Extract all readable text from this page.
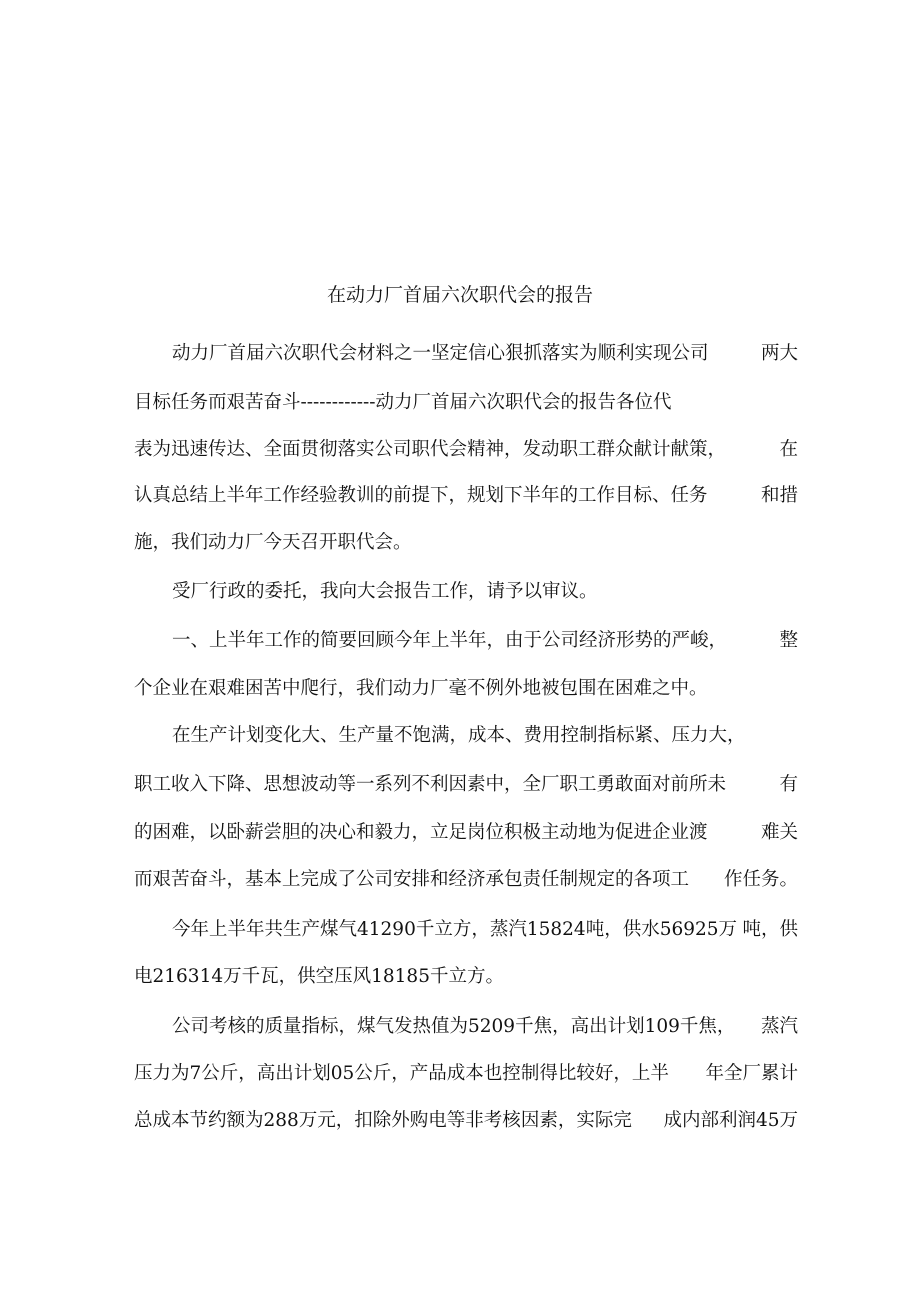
在动力厂首届六次职代会的报告
动力厂首届六次职代会材料之一坚定信心狠抓落实为顺利实现公司	两大
目标任务而艰苦奋斗------------动力厂首届六次职代会的报告各位代
表为迅速传达、全面贯彻落实公司职代会精神，发动职工群众献计献策，	在
认真总结上半年工作经验教训的前提下，规划下半年的工作目标、任务	和措
施，我们动力厂今天召开职代会。
受厂行政的委托，我向大会报告工作，请予以审议。
一、上半年工作的简要回顾今年上半年，由于公司经济形势的严峻，	整
个企业在艰难困苦中爬行，我们动力厂毫不例外地被包围在困难之中。
在生产计划变化大、生产量不饱满，成本、费用控制指标紧、压力大，
职工收入下降、思想波动等一系列不利因素中，全厂职工勇敢面对前所未	有
的困难，以卧薪尝胆的决心和毅力，立足岗位积极主动地为促进企业渡	难关
而艰苦奋斗，基本上完成了公司安排和经济承包责任制规定的各项工 作任务。
今年上半年共生产煤气41290千立方，蒸汽15824吨，供水56925万 吨，供
电216314万千瓦，供空压风18185千立方。
公司考核的质量指标，煤气发热值为5209千焦，高出计划109千焦， 蒸汽
压力为7公斤，高出计划05公斤，产品成本也控制得比较好，上半 年全厂累计
总成本节约额为288万元，扣除外购电等非考核因素，实际完 成内部利润45万
